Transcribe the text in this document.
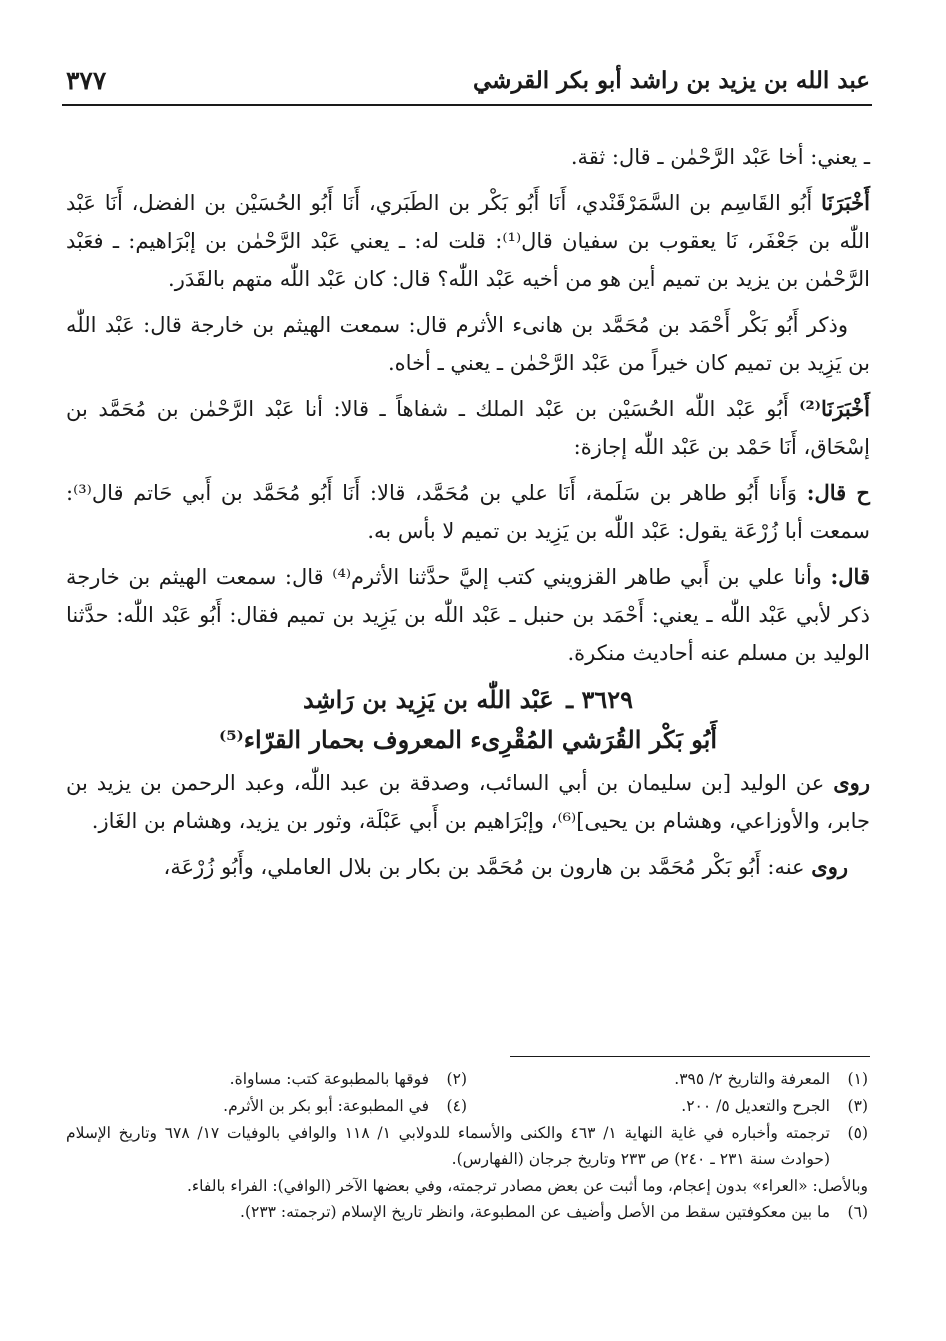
عبد الله بن يزيد بن راشد أبو بكر القرشي
٣٧٧

ـ يعني: أخا عَبْد الرَّحْمٰن ـ قال: ثقة.

أَخْبَرَنَا أَبُو القَاسِم بن السَّمَرْقَنْدي، أَنَا أَبُو بَكْر بن الطَبَري، أَنَا أَبُو الحُسَيْن بن الفضل، أَنَا عَبْد اللّٰه بن جَعْفَر، نَا يعقوب بن سفيان قال⁽¹⁾: قلت له: ـ يعني عَبْد الرَّحْمٰن بن إبْرَاهيم: ـ فعَبْد الرَّحْمٰن بن يزيد بن تميم أين هو من أخيه عَبْد اللّٰه؟ قال: كان عَبْد اللّٰه متهم بالقَدَر.

وذكر أَبُو بَكْر أَحْمَد بن مُحَمَّد بن هانىء الأثرم قال: سمعت الهيثم بن خارجة قال: عَبْد اللّٰه بن يَزِيد بن تميم كان خيراً من عَبْد الرَّحْمٰن ـ يعني ـ أخاه.

أَخْبَرَنَا⁽²⁾ أَبُو عَبْد اللّٰه الحُسَيْن بن عَبْد الملك ـ شفاهاً ـ قالا: أنا عَبْد الرَّحْمٰن بن مُحَمَّد بن إسْحَاق، أَنَا حَمْد بن عَبْد اللّٰه إجازة:

ح قال: وَأَنا أَبُو طاهر بن سَلَمة، أَنَا علي بن مُحَمَّد، قالا: أَنَا أَبُو مُحَمَّد بن أَبي حَاتم قال⁽³⁾: سمعت أبا زُرْعَة يقول: عَبْد اللّٰه بن يَزِيد بن تميم لا بأس به.

قال: وأنا علي بن أَبي طاهر القزويني كتب إليَّ حدَّثنا الأثرم⁽⁴⁾ قال: سمعت الهيثم بن خارجة ذكر لأبي عَبْد اللّٰه ـ يعني: أَحْمَد بن حنبل ـ عَبْد اللّٰه بن يَزِيد بن تميم فقال: أَبُو عَبْد اللّٰه: حدَّثنا الوليد بن مسلم عنه أحاديث منكرة.

٣٦٢٩ ـ عَبْد اللّٰه بن يَزِيد بن رَاشِد
أَبُو بَكْر القُرَشي المُقْرِىء المعروف بحمار القرّاء⁽⁵⁾

روى عن الوليد [بن سليمان بن أبي السائب، وصدقة بن عبد اللّٰه، وعبد الرحمن بن يزيد بن جابر، والأوزاعي، وهشام بن يحيى]⁽⁶⁾، وإبْرَاهيم بن أَبي عَبْلَة، وثور بن يزيد، وهشام بن الغَاز.

روى عنه: أَبُو بَكْر مُحَمَّد بن هارون بن مُحَمَّد بن بكار بن بلال العاملي، وأَبُو زُرْعَة،

(١)
المعرفة والتاريخ ٢/ ٣٩٥.
(٢)
فوقها بالمطبوعة كتب: مساواة.
(٣)
الجرح والتعديل ٥/ ٢٠٠.
(٤)
في المطبوعة: أبو بكر بن الأثرم.
(٥)
ترجمته وأخباره في غاية النهاية ١/ ٤٦٣ والكنى والأسماء للدولابي ١/ ١١٨ والوافي بالوفيات ١٧/ ٦٧٨ وتاريخ الإسلام (حوادث سنة ٢٣١ ـ ٢٤٠) ص ٢٣٣ وتاريخ جرجان (الفهارس).
وبالأصل: «العراء» بدون إعجام، وما أثبت عن بعض مصادر ترجمته، وفي بعضها الآخر (الوافي): الفراء بالفاء.
(٦)
ما بين معكوفتين سقط من الأصل وأضيف عن المطبوعة، وانظر تاريخ الإسلام (ترجمته: ٢٣٣).
